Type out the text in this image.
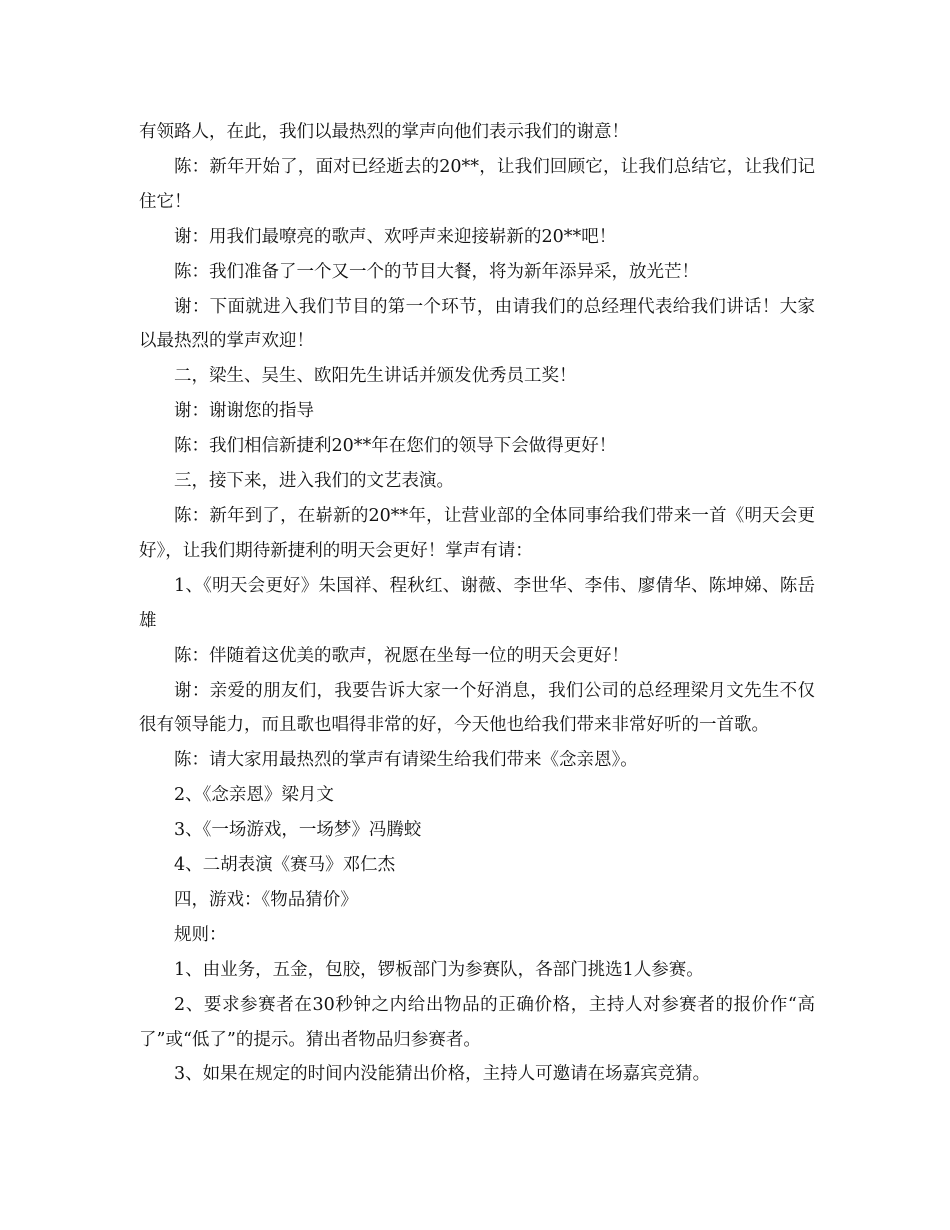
有领路人，在此，我们以最热烈的掌声向他们表示我们的谢意！

陈：新年开始了，面对已经逝去的20**，让我们回顾它，让我们总结它，让我们记住它！

谢：用我们最嘹亮的歌声、欢呼声来迎接崭新的20**吧！

陈：我们准备了一个又一个的节目大餐，将为新年添异采，放光芒！

谢：下面就进入我们节目的第一个环节，由请我们的总经理代表给我们讲话！大家以最热烈的掌声欢迎！

二，梁生、吴生、欧阳先生讲话并颁发优秀员工奖！

谢：谢谢您的指导

陈：我们相信新捷利20**年在您们的领导下会做得更好！

三，接下来，进入我们的文艺表演。

陈：新年到了，在崭新的20**年，让营业部的全体同事给我们带来一首《明天会更好》，让我们期待新捷利的明天会更好！掌声有请：

1、《明天会更好》朱国祥、程秋红、谢薇、李世华、李伟、廖倩华、陈坤娣、陈岳雄

陈：伴随着这优美的歌声，祝愿在坐每一位的明天会更好！

谢：亲爱的朋友们，我要告诉大家一个好消息，我们公司的总经理梁月文先生不仅很有领导能力，而且歌也唱得非常的好，今天他也给我们带来非常好听的一首歌。

陈：请大家用最热烈的掌声有请梁生给我们带来《念亲恩》。

2、《念亲恩》梁月文

3、《一场游戏，一场梦》冯腾蛟

4、二胡表演《赛马》邓仁杰

四，游戏：《物品猜价》

规则：

1、由业务，五金，包胶，锣板部门为参赛队，各部门挑选1人参赛。

2、要求参赛者在30秒钟之内给出物品的正确价格，主持人对参赛者的报价作“高了”或“低了”的提示。猜出者物品归参赛者。

3、如果在规定的时间内没能猜出价格，主持人可邀请在场嘉宾竞猜。
